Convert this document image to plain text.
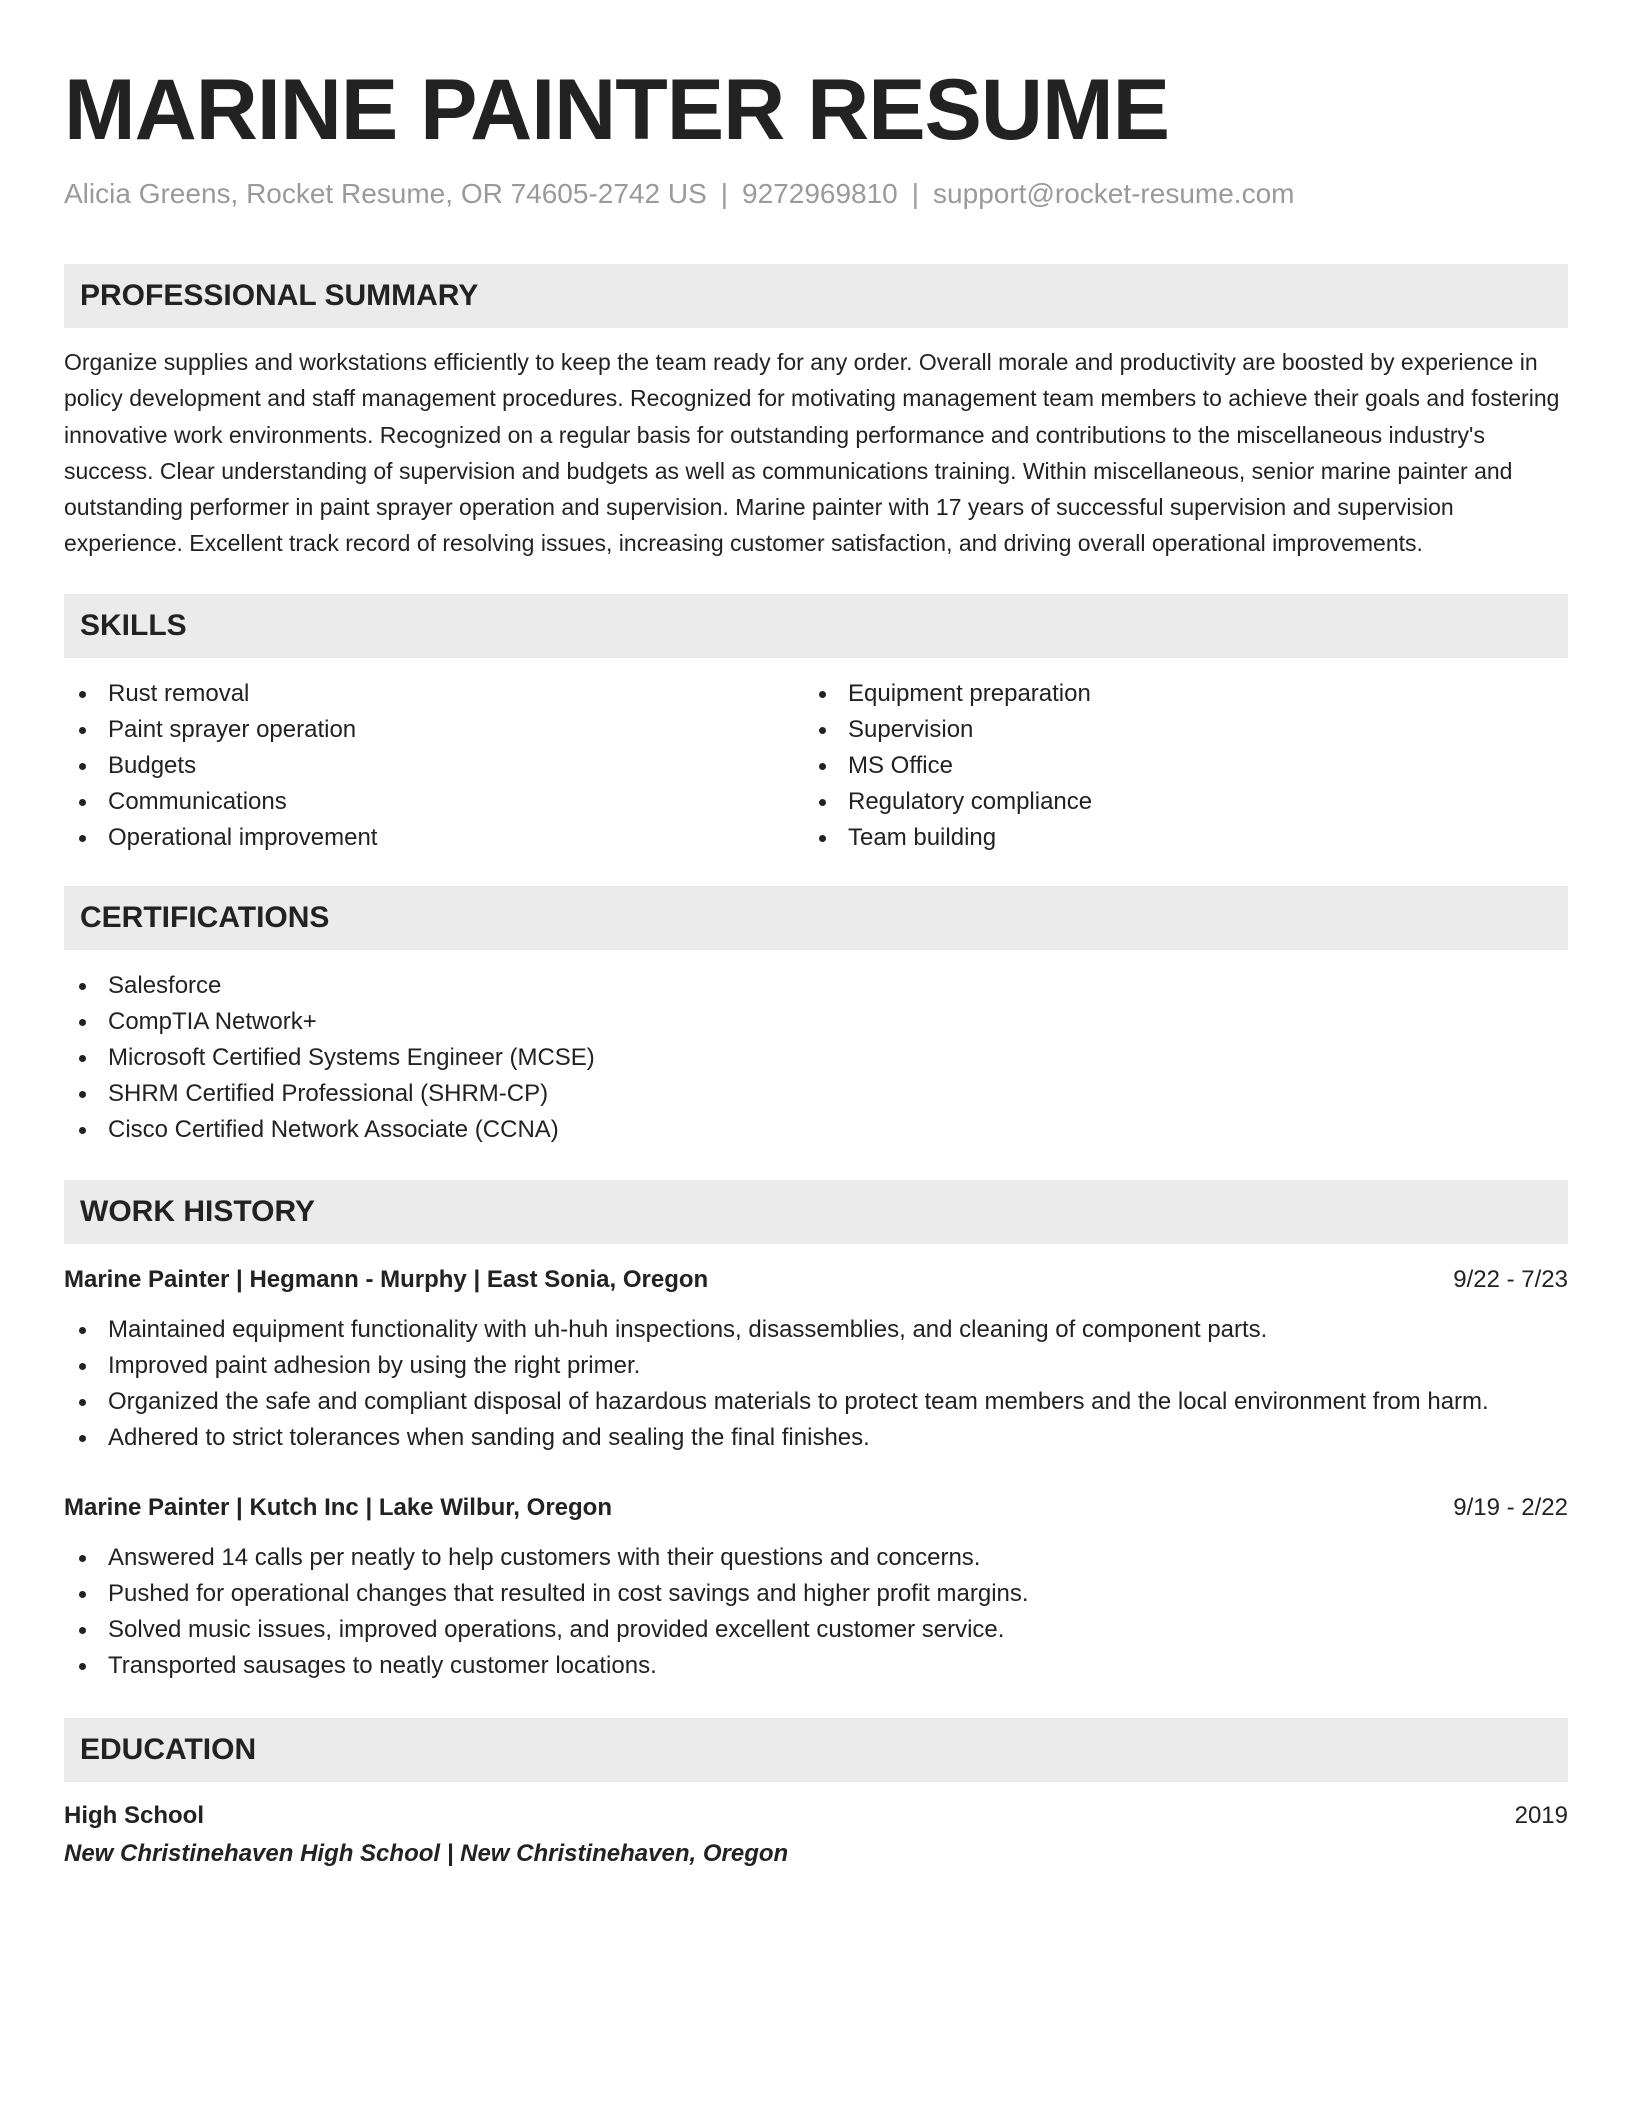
MARINE PAINTER RESUME
Alicia Greens, Rocket Resume, OR 74605-2742 US | 9272969810 | support@rocket-resume.com
PROFESSIONAL SUMMARY

Organize supplies and workstations efficiently to keep the team ready for any order. Overall morale and productivity are boosted by experience in policy development and staff management procedures. Recognized for motivating management team members to achieve their goals and fostering innovative work environments. Recognized on a regular basis for outstanding performance and contributions to the miscellaneous industry's success. Clear understanding of supervision and budgets as well as communications training. Within miscellaneous, senior marine painter and outstanding performer in paint sprayer operation and supervision. Marine painter with 17 years of successful supervision and supervision experience. Excellent track record of resolving issues, increasing customer satisfaction, and driving overall operational improvements.

SKILLS
Rust removal
Paint sprayer operation
Budgets
Communications
Operational improvement
Equipment preparation
Supervision
MS Office
Regulatory compliance
Team building
CERTIFICATIONS
Salesforce
CompTIA Network+
Microsoft Certified Systems Engineer (MCSE)
SHRM Certified Professional (SHRM-CP)
Cisco Certified Network Associate (CCNA)
WORK HISTORY
Marine Painter | Hegmann - Murphy | East Sonia, Oregon	9/22 - 7/23
Maintained equipment functionality with uh-huh inspections, disassemblies, and cleaning of component parts.
Improved paint adhesion by using the right primer.
Organized the safe and compliant disposal of hazardous materials to protect team members and the local environment from harm.
Adhered to strict tolerances when sanding and sealing the final finishes.
Marine Painter | Kutch Inc | Lake Wilbur, Oregon	9/19 - 2/22
Answered 14 calls per neatly to help customers with their questions and concerns.
Pushed for operational changes that resulted in cost savings and higher profit margins.
Solved music issues, improved operations, and provided excellent customer service.
Transported sausages to neatly customer locations.
EDUCATION
High School	2019
New Christinehaven High School | New Christinehaven, Oregon
